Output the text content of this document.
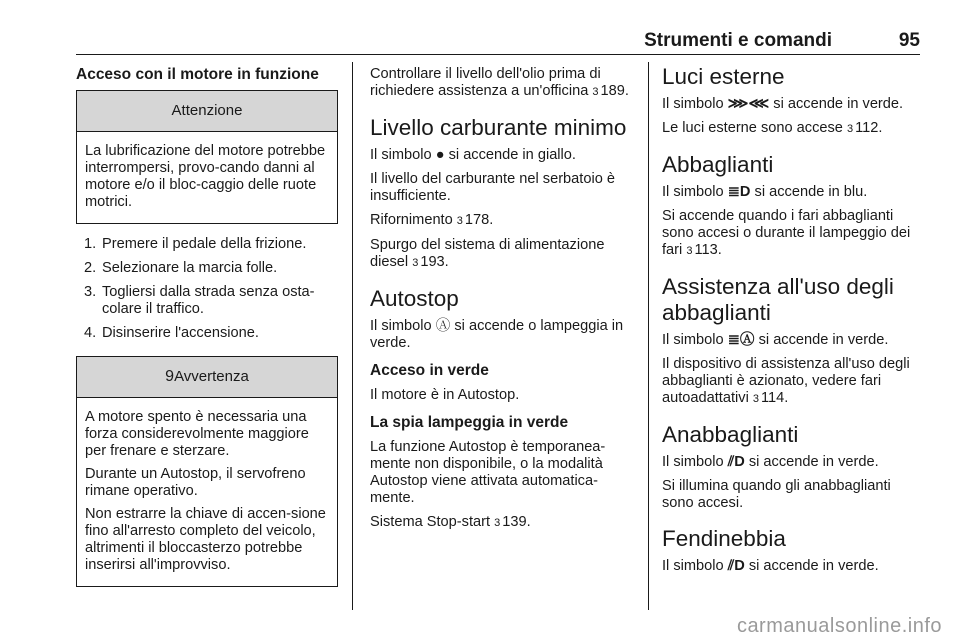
Strumenti e comandi	95
Acceso con il motore in funzione
Attenzione

La lubrificazione del motore potrebbe interrompersi, provo-cando danni al motore e/o il bloc-caggio delle ruote motrici.

1. Premere il pedale della frizione.
2. Selezionare la marcia folle.
3. Togliersi dalla strada senza osta-colare il traffico.
4. Disinserire l'accensione.
9Avvertenza

A motore spento è necessaria una forza considerevolmente maggiore per frenare e sterzare.

Durante un Autostop, il servofreno rimane operativo.

Non estrarre la chiave di accen-sione fino all'arresto completo del veicolo, altrimenti il bloccasterzo potrebbe inserirsi all'improvviso.

Controllare il livello dell'olio prima di richiedere assistenza a un'officina 3 189.

Livello carburante minimo

Il simbolo ● si accende in giallo.

Il livello del carburante nel serbatoio è insufficiente.

Rifornimento 3 178.

Spurgo del sistema di alimentazione diesel 3 193.

Autostop

Il simbolo Ⓐ si accende o lampeggia in verde.

Acceso in verde

Il motore è in Autostop.

La spia lampeggia in verde

La funzione Autostop è temporanea-mente non disponibile, o la modalità Autostop viene attivata automatica-mente.

Sistema Stop-start 3 139.

Luci esterne

Il simbolo ⋙⋘ si accende in verde.

Le luci esterne sono accese 3 112.

Abbaglianti

Il simbolo ≣D si accende in blu.

Si accende quando i fari abbaglianti sono accesi o durante il lampeggio dei fari 3 113.

Assistenza all'uso degli abbaglianti

Il simbolo ≣Ⓐ si accende in verde.

Il dispositivo di assistenza all'uso degli abbaglianti è azionato, vedere fari autoadattativi 3 114.

Anabbaglianti

Il simbolo ⫽D si accende in verde.

Si illumina quando gli anabbaglianti sono accesi.

Fendinebbia

Il simbolo ⫽D si accende in verde.

carmanualsonline.info
